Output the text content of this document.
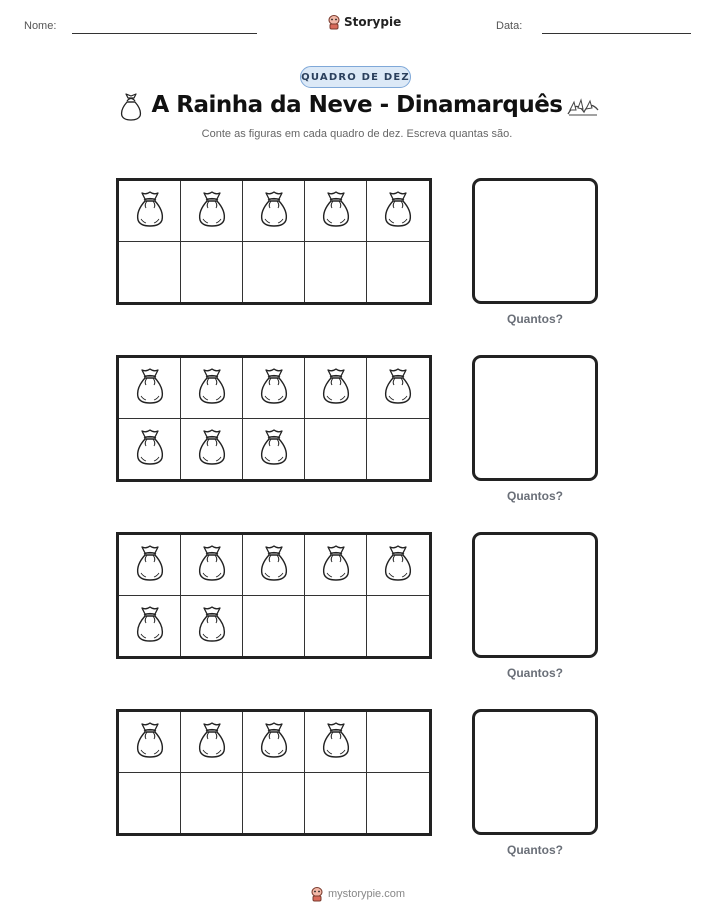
Nome:	Storypie	Data:
QUADRO DE DEZ
A Rainha da Neve - Dinamarquês
Conte as figuras em cada quadro de dez. Escreva quantas são.
Quantos?
Quantos?
Quantos?
Quantos?
mystorypie.com
